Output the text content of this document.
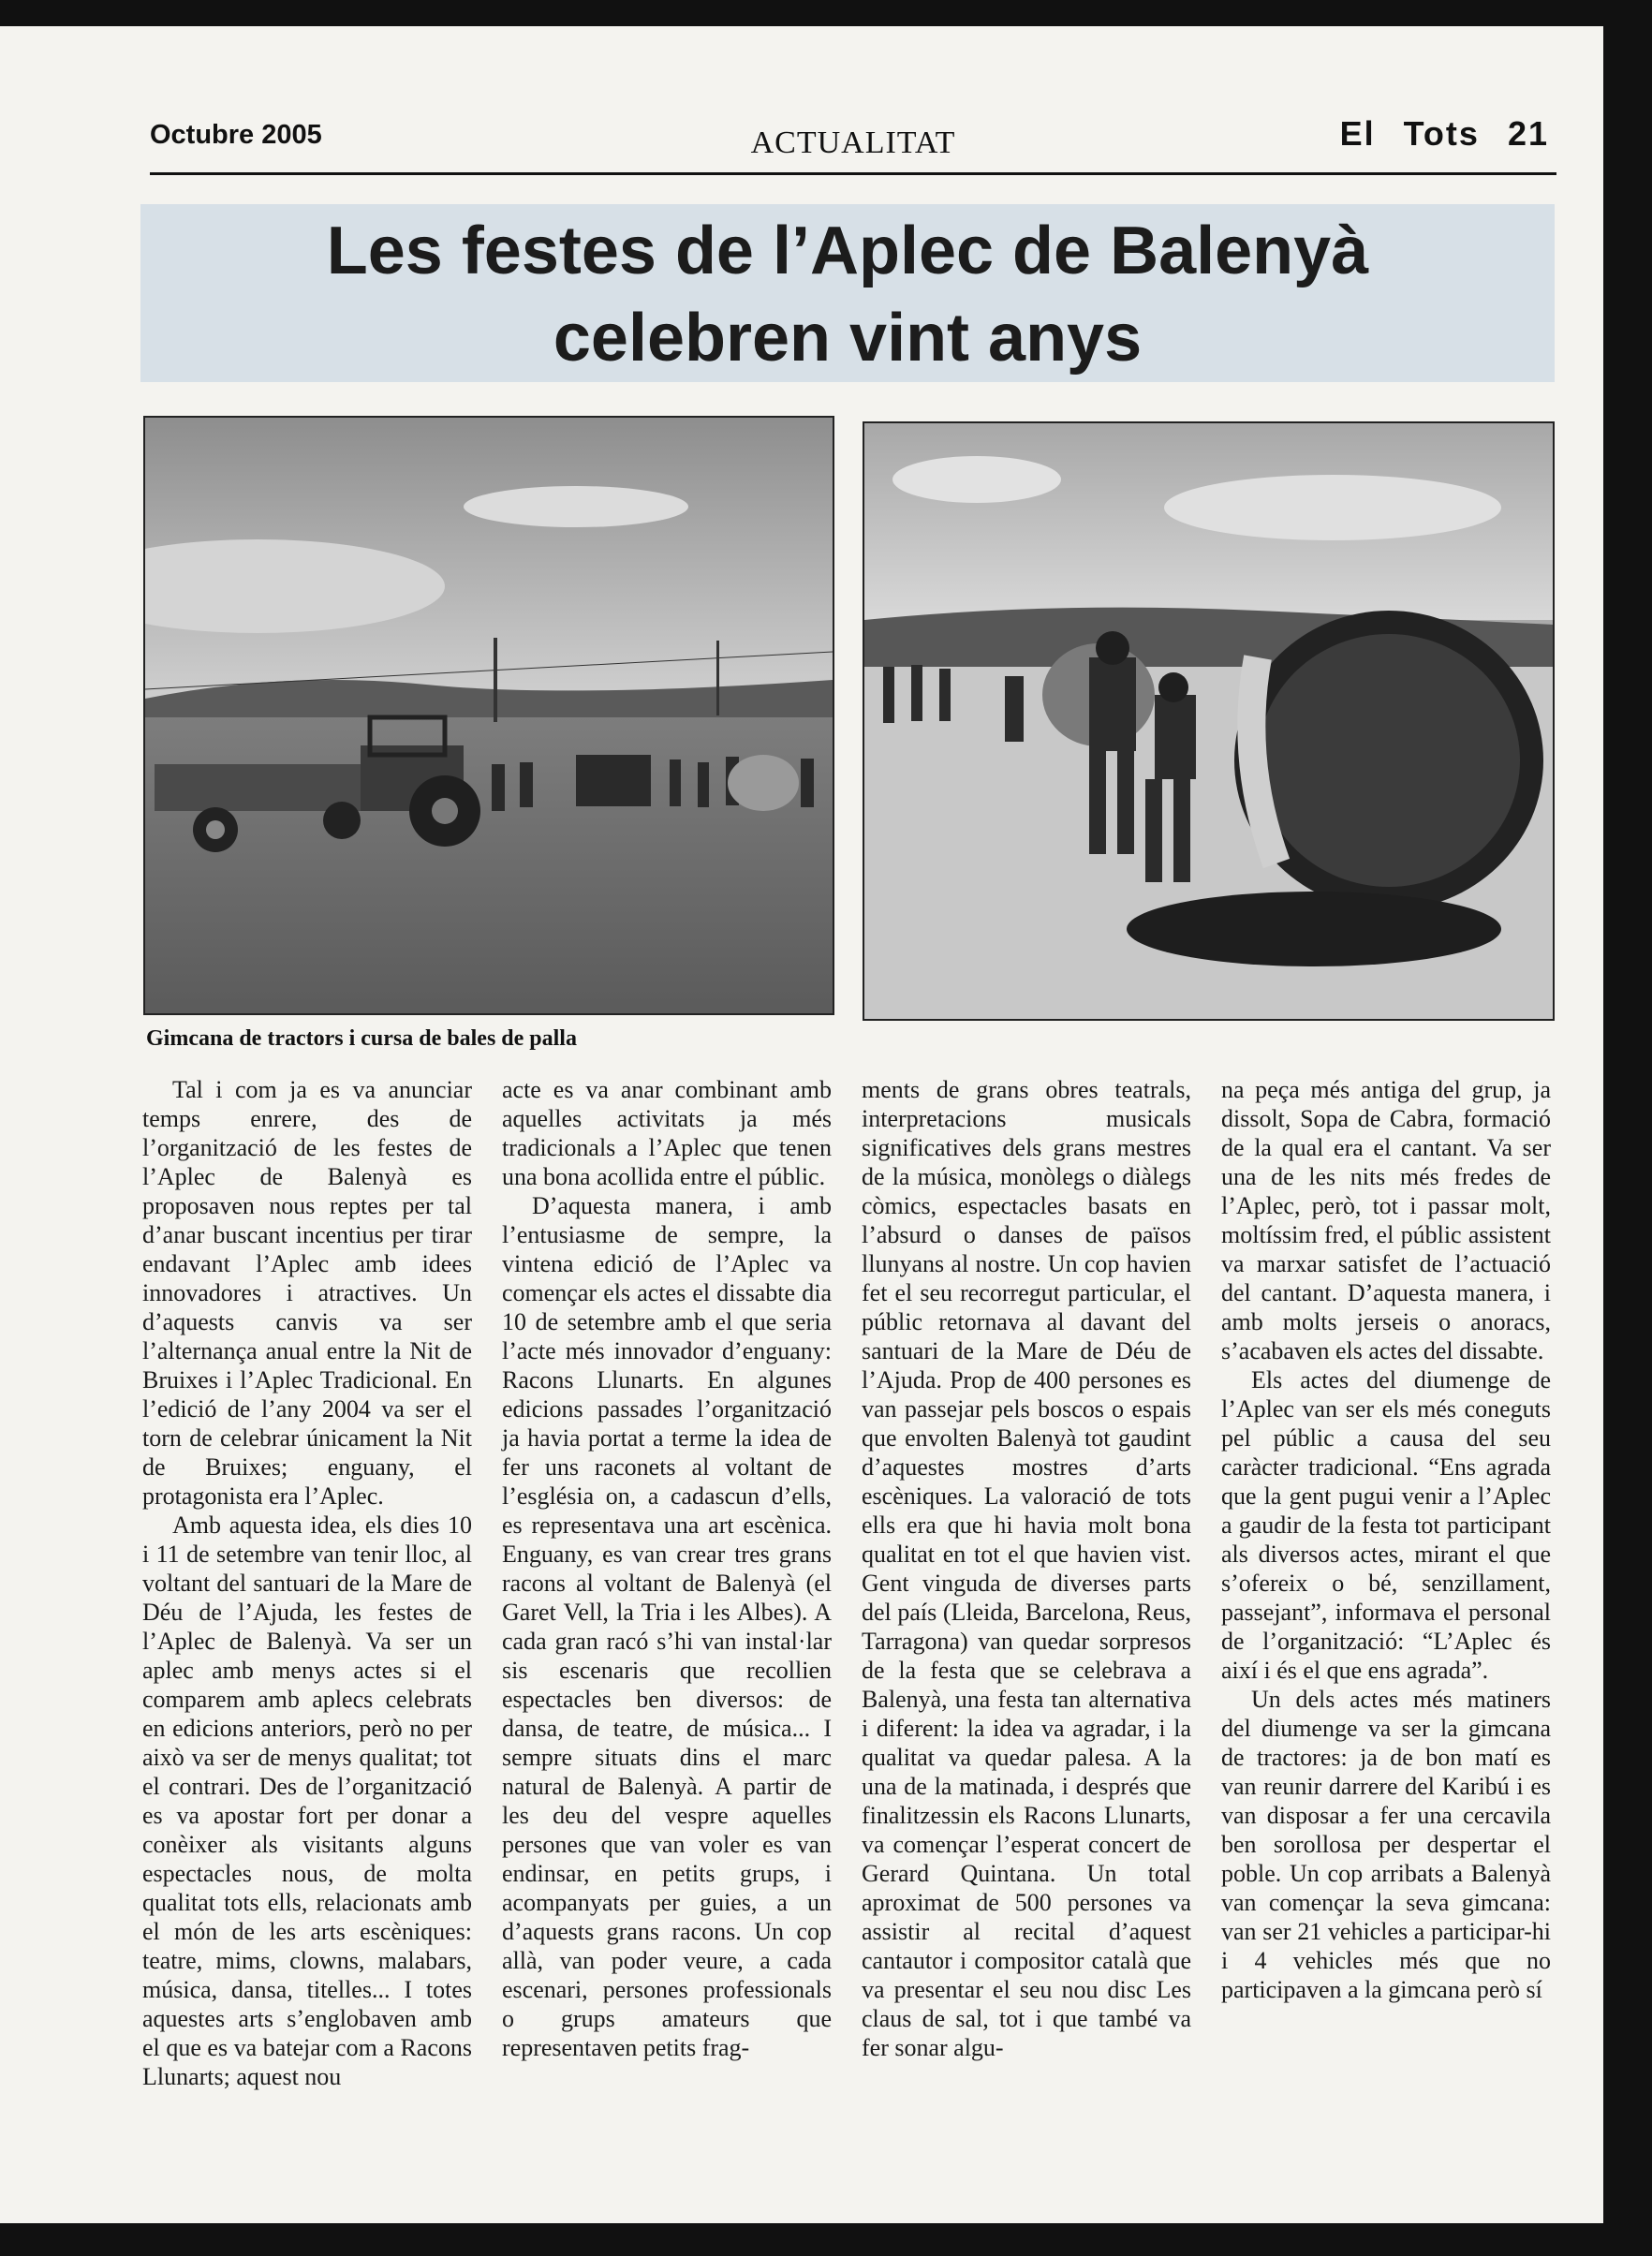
Octubre 2005	ACTUALITAT	El Tots 21
Les festes de l’Aplec de Balenyà
celebren vint anys
Gimcana de tractors i cursa de bales de palla

Tal i com ja es va anunciar temps enrere, des de l’organització de les festes de l’Aplec de Balenyà es proposaven nous reptes per tal d’anar buscant incentius per tirar endavant l’Aplec amb idees innovadores i atractives. Un d’aquests canvis va ser l’alternança anual entre la Nit de Bruixes i l’Aplec Tradicional. En l’edició de l’any 2004 va ser el torn de celebrar únicament la Nit de Bruixes; enguany, el protagonista era l’Aplec.

Amb aquesta idea, els dies 10 i 11 de setembre van tenir lloc, al voltant del santuari de la Mare de Déu de l’Ajuda, les festes de l’Aplec de Balenyà. Va ser un aplec amb menys actes si el comparem amb aplecs celebrats en edicions anteriors, però no per això va ser de menys qualitat; tot el contrari. Des de l’organització es va apostar fort per donar a conèixer als visitants alguns espectacles nous, de molta qualitat tots ells, relacionats amb el món de les arts escèniques: teatre, mims, clowns, malabars, música, dansa, titelles... I totes aquestes arts s’englobaven amb el que es va batejar com a Racons Llunarts; aquest nou

acte es va anar combinant amb aquelles activitats ja més tradicionals a l’Aplec que tenen una bona acollida entre el públic.

D’aquesta manera, i amb l’entusiasme de sempre, la vintena edició de l’Aplec va començar els actes el dissabte dia 10 de setembre amb el que seria l’acte més innovador d’enguany: Racons Llunarts. En algunes edicions passades l’organització ja havia portat a terme la idea de fer uns raconets al voltant de l’església on, a cadascun d’ells, es representava una art escènica. Enguany, es van crear tres grans racons al voltant de Balenyà (el Garet Vell, la Tria i les Albes). A cada gran racó s’hi van instal·lar sis escenaris que recollien espectacles ben diversos: de dansa, de teatre, de música... I sempre situats dins el marc natural de Balenyà. A partir de les deu del vespre aquelles persones que van voler es van endinsar, en petits grups, i acompanyats per guies, a un d’aquests grans racons. Un cop allà, van poder veure, a cada escenari, persones professionals o grups amateurs que representaven petits frag-

ments de grans obres teatrals, interpretacions musicals significatives dels grans mestres de la música, monòlegs o diàlegs còmics, espectacles basats en l’absurd o danses de països llunyans al nostre. Un cop havien fet el seu recorregut particular, el públic retornava al davant del santuari de la Mare de Déu de l’Ajuda. Prop de 400 persones es van passejar pels boscos o espais que envolten Balenyà tot gaudint d’aquestes mostres d’arts escèniques. La valoració de tots ells era que hi havia molt bona qualitat en tot el que havien vist. Gent vinguda de diverses parts del país (Lleida, Barcelona, Reus, Tarragona) van quedar sorpresos de la festa que se celebrava a Balenyà, una festa tan alternativa i diferent: la idea va agradar, i la qualitat va quedar palesa. A la una de la matinada, i després que finalitzessin els Racons Llunarts, va començar l’esperat concert de Gerard Quintana. Un total aproximat de 500 persones va assistir al recital d’aquest cantautor i compositor català que va presentar el seu nou disc Les claus de sal, tot i que també va fer sonar algu-

na peça més antiga del grup, ja dissolt, Sopa de Cabra, formació de la qual era el cantant. Va ser una de les nits més fredes de l’Aplec, però, tot i passar molt, moltíssim fred, el públic assistent va marxar satisfet de l’actuació del cantant. D’aquesta manera, i amb molts jerseis o anoracs, s’acabaven els actes del dissabte.

Els actes del diumenge de l’Aplec van ser els més coneguts pel públic a causa del seu caràcter tradicional. “Ens agrada que la gent pugui venir a l’Aplec a gaudir de la festa tot participant als diversos actes, mirant el que s’ofereix o bé, senzillament, passejant”, informava el personal de l’organització: “L’Aplec és així i és el que ens agrada”.

Un dels actes més matiners del diumenge va ser la gimcana de tractores: ja de bon matí es van reunir darrere del Karibú i es van disposar a fer una cercavila ben sorollosa per despertar el poble. Un cop arribats a Balenyà van començar la seva gimcana: van ser 21 vehicles a participar-hi i 4 vehicles més que no participaven a la gimcana però sí
